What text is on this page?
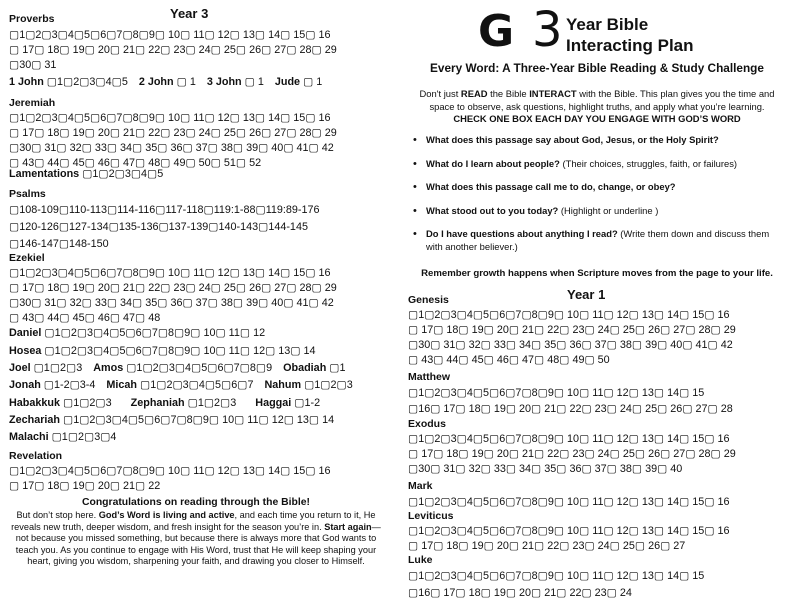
Proverbs	Year 3
▢1▢2▢3▢4▢5▢6▢7▢8▢9▢ 10▢ 11▢ 12▢ 13▢ 14▢ 15▢ 16
▢ 17▢ 18▢ 19▢ 20▢ 21▢ 22▢ 23▢ 24▢ 25▢ 26▢ 27▢ 28▢ 29
▢30▢ 31
1 John ▢1▢2▢3▢4▢5 2 John ▢ 1 3 John ▢ 1 Jude ▢ 1
Jeremiah
▢1▢2▢3▢4▢5▢6▢7▢8▢9▢ 10▢ 11▢ 12▢ 13▢ 14▢ 15▢ 16
▢ 17▢ 18▢ 19▢ 20▢ 21▢ 22▢ 23▢ 24▢ 25▢ 26▢ 27▢ 28▢ 29
▢30▢ 31▢ 32▢ 33▢ 34▢ 35▢ 36▢ 37▢ 38▢ 39▢ 40▢ 41▢ 42
▢ 43▢ 44▢ 45▢ 46▢ 47▢ 48▢ 49▢ 50▢ 51▢ 52
Lamentations ▢1▢2▢3▢4▢5
Psalms
▢108-109▢110-113▢114-116▢117-118▢119:1-88▢119:89-176
▢120-126▢127-134▢135-136▢137-139▢140-143▢144-145
▢146-147▢148-150
Ezekiel
▢1▢2▢3▢4▢5▢6▢7▢8▢9▢ 10▢ 11▢ 12▢ 13▢ 14▢ 15▢ 16
▢ 17▢ 18▢ 19▢ 20▢ 21▢ 22▢ 23▢ 24▢ 25▢ 26▢ 27▢ 28▢ 29
▢30▢ 31▢ 32▢ 33▢ 34▢ 35▢ 36▢ 37▢ 38▢ 39▢ 40▢ 41▢ 42
▢ 43▢ 44▢ 45▢ 46▢ 47▢ 48
Daniel ▢1▢2▢3▢4▢5▢6▢7▢8▢9▢ 10▢ 11▢ 12
Hosea ▢1▢2▢3▢4▢5▢6▢7▢8▢9▢ 10▢ 11▢ 12▢ 13▢ 14
Joel ▢1▢2▢3 Amos ▢1▢2▢3▢4▢5▢6▢7▢8▢9 Obadiah ▢1
Jonah ▢1-2▢3-4 Micah ▢1▢2▢3▢4▢5▢6▢7 Nahum ▢1▢2▢3
Habakkuk ▢1▢2▢3 Zephaniah ▢1▢2▢3 Haggai ▢1-2
Zechariah ▢1▢2▢3▢4▢5▢6▢7▢8▢9▢ 10▢ 11▢ 12▢ 13▢ 14
Malachi ▢1▢2▢3▢4
Revelation
▢1▢2▢3▢4▢5▢6▢7▢8▢9▢ 10▢ 11▢ 12▢ 13▢ 14▢ 15▢ 16
▢ 17▢ 18▢ 19▢ 20▢ 21▢ 22
Congratulations on reading through the Bible!
But don’t stop here. God’s Word is living and active, and each time you return to it, He reveals new truth, deeper wisdom, and fresh insight for the season you’re in. Start again—not because you missed something, but because there is always more that God wants to teach you. As you continue to engage with His Word, trust that He will keep shaping your heart, giving you wisdom, sharpening your faith, and drawing you closer to Himself.
G 3 Year Bible
Interacting Plan
Every Word: A Three-Year Bible Reading & Study Challenge
Don't just READ the Bible INTERACT with the Bible. This plan gives you the time and space to observe, ask questions, highlight truths, and apply what you’re learning.
CHECK ONE BOX EACH DAY YOU ENGAGE WITH GOD’S WORD
• What does this passage say about God, Jesus, or the Holy Spirit?
• What do I learn about people? (Their choices, struggles, faith, or failures)
• What does this passage call me to do, change, or obey?
• What stood out to you today? (Highlight or underline )
• Do I have questions about anything I read? (Write them down and discuss them with another believer.)
Remember growth happens when Scripture moves from the page to your life.
Year 1
Genesis
▢1▢2▢3▢4▢5▢6▢7▢8▢9▢ 10▢ 11▢ 12▢ 13▢ 14▢ 15▢ 16
▢ 17▢ 18▢ 19▢ 20▢ 21▢ 22▢ 23▢ 24▢ 25▢ 26▢ 27▢ 28▢ 29
▢30▢ 31▢ 32▢ 33▢ 34▢ 35▢ 36▢ 37▢ 38▢ 39▢ 40▢ 41▢ 42
▢ 43▢ 44▢ 45▢ 46▢ 47▢ 48▢ 49▢ 50
Matthew
▢1▢2▢3▢4▢5▢6▢7▢8▢9▢ 10▢ 11▢ 12▢ 13▢ 14▢ 15
▢16▢ 17▢ 18▢ 19▢ 20▢ 21▢ 22▢ 23▢ 24▢ 25▢ 26▢ 27▢ 28
Exodus
▢1▢2▢3▢4▢5▢6▢7▢8▢9▢ 10▢ 11▢ 12▢ 13▢ 14▢ 15▢ 16
▢ 17▢ 18▢ 19▢ 20▢ 21▢ 22▢ 23▢ 24▢ 25▢ 26▢ 27▢ 28▢ 29
▢30▢ 31▢ 32▢ 33▢ 34▢ 35▢ 36▢ 37▢ 38▢ 39▢ 40
Mark
▢1▢2▢3▢4▢5▢6▢7▢8▢9▢ 10▢ 11▢ 12▢ 13▢ 14▢ 15▢ 16
Leviticus
▢1▢2▢3▢4▢5▢6▢7▢8▢9▢ 10▢ 11▢ 12▢ 13▢ 14▢ 15▢ 16
▢ 17▢ 18▢ 19▢ 20▢ 21▢ 22▢ 23▢ 24▢ 25▢ 26▢ 27
Luke
▢1▢2▢3▢4▢5▢6▢7▢8▢9▢ 10▢ 11▢ 12▢ 13▢ 14▢ 15
▢16▢ 17▢ 18▢ 19▢ 20▢ 21▢ 22▢ 23▢ 24
